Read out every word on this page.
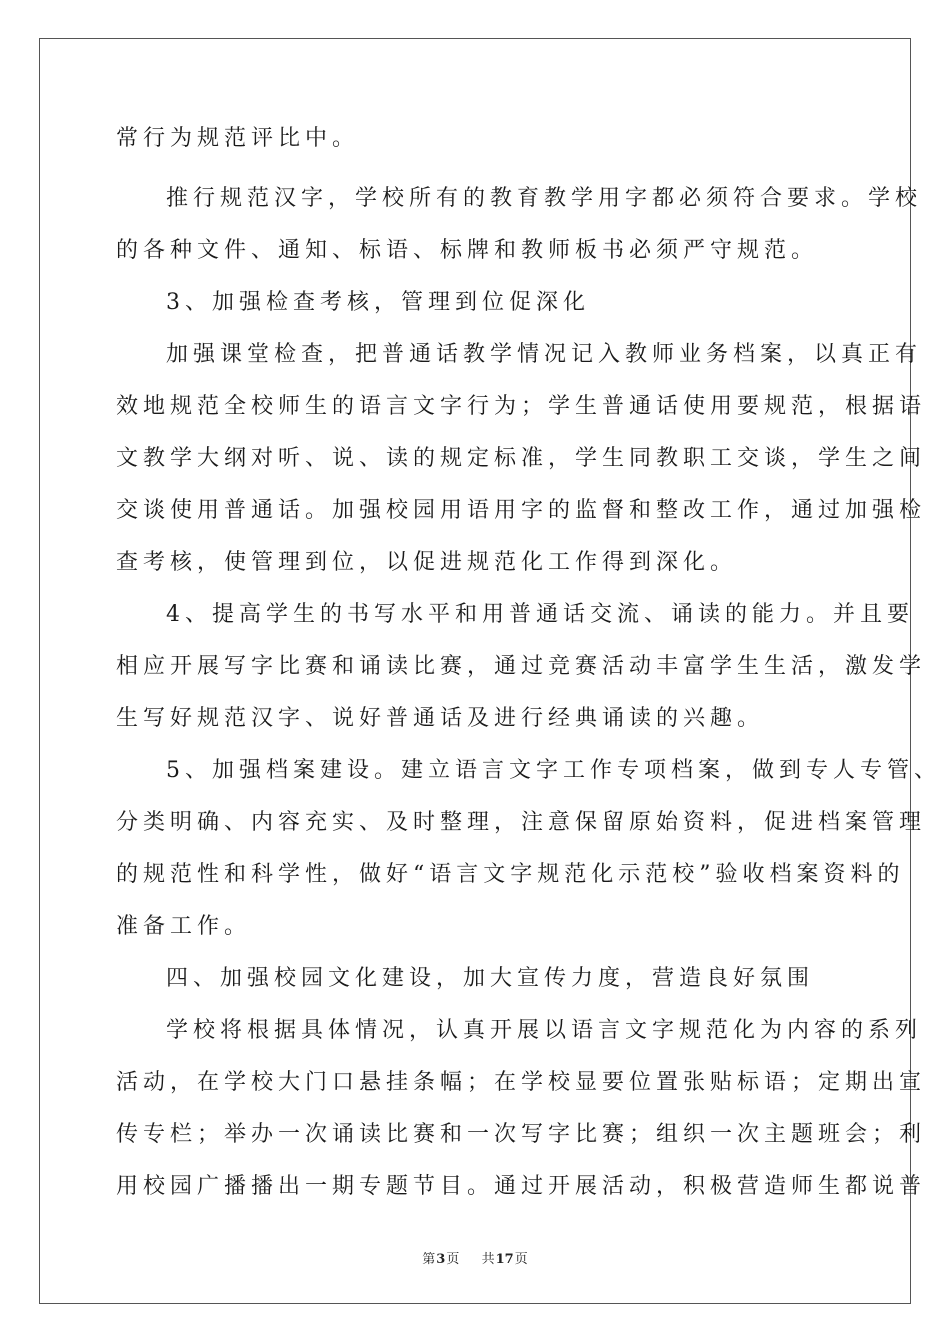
常行为规范评比中。
推行规范汉字，学校所有的教育教学用字都必须符合要求。学校
的各种文件、通知、标语、标牌和教师板书必须严守规范。
3、加强检查考核，管理到位促深化
加强课堂检查，把普通话教学情况记入教师业务档案，以真正有
效地规范全校师生的语言文字行为；学生普通话使用要规范，根据语
文教学大纲对听、说、读的规定标准，学生同教职工交谈，学生之间
交谈使用普通话。加强校园用语用字的监督和整改工作，通过加强检
查考核，使管理到位，以促进规范化工作得到深化。
4、提高学生的书写水平和用普通话交流、诵读的能力。并且要
相应开展写字比赛和诵读比赛，通过竞赛活动丰富学生生活，激发学
生写好规范汉字、说好普通话及进行经典诵读的兴趣。
5、加强档案建设。建立语言文字工作专项档案，做到专人专管、
分类明确、内容充实、及时整理，注意保留原始资料，促进档案管理
的规范性和科学性，做好“语言文字规范化示范校”验收档案资料的
准备工作。
四、加强校园文化建设，加大宣传力度，营造良好氛围
学校将根据具体情况，认真开展以语言文字规范化为内容的系列
活动，在学校大门口悬挂条幅；在学校显要位置张贴标语；定期出宣
传专栏；举办一次诵读比赛和一次写字比赛；组织一次主题班会；利
用校园广播播出一期专题节目。通过开展活动，积极营造师生都说普
第3页 共17页
